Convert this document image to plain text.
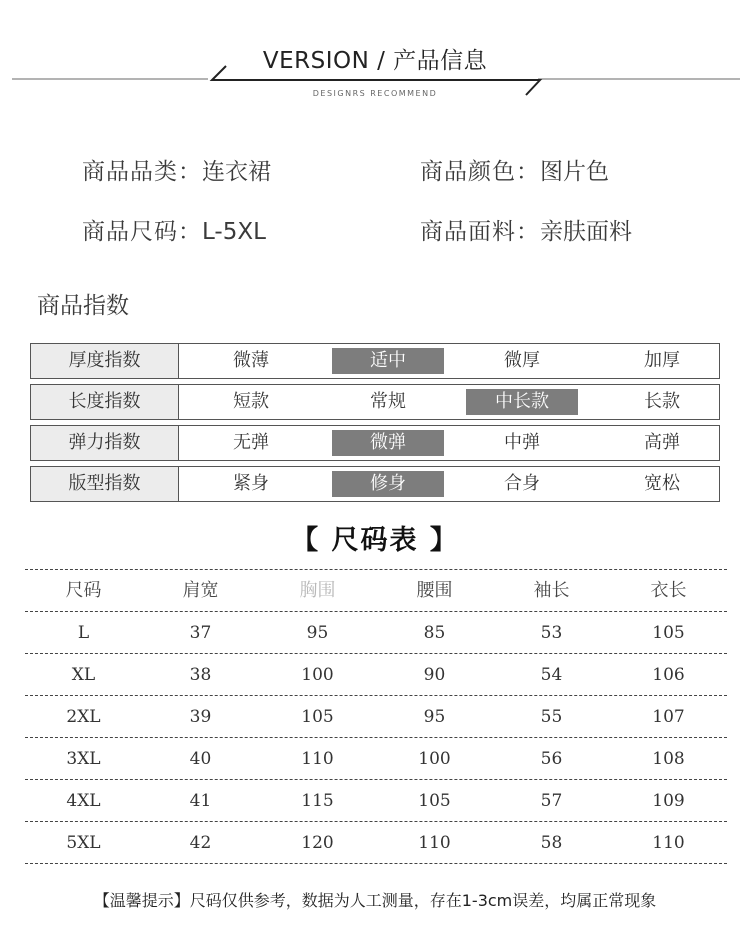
VERSION / 产品信息
DESIGNRS RECOMMEND
商品品类：连衣裙	商品颜色：图片色
商品尺码：L-5XL	商品面料：亲肤面料
商品指数
厚度指数	微薄	适中	微厚	加厚
长度指数	短款	常规	中长款	长款
弹力指数	无弹	微弹	中弹	高弹
版型指数	紧身	修身	合身	宽松
【 尺码表 】
尺码	肩宽	胸围	腰围	袖长	衣长
L	37	95	85	53	105
XL	38	100	90	54	106
2XL	39	105	95	55	107
3XL	40	110	100	56	108
4XL	41	115	105	57	109
5XL	42	120	110	58	110
【温馨提示】尺码仅供参考，数据为人工测量，存在1-3cm误差，均属正常现象
